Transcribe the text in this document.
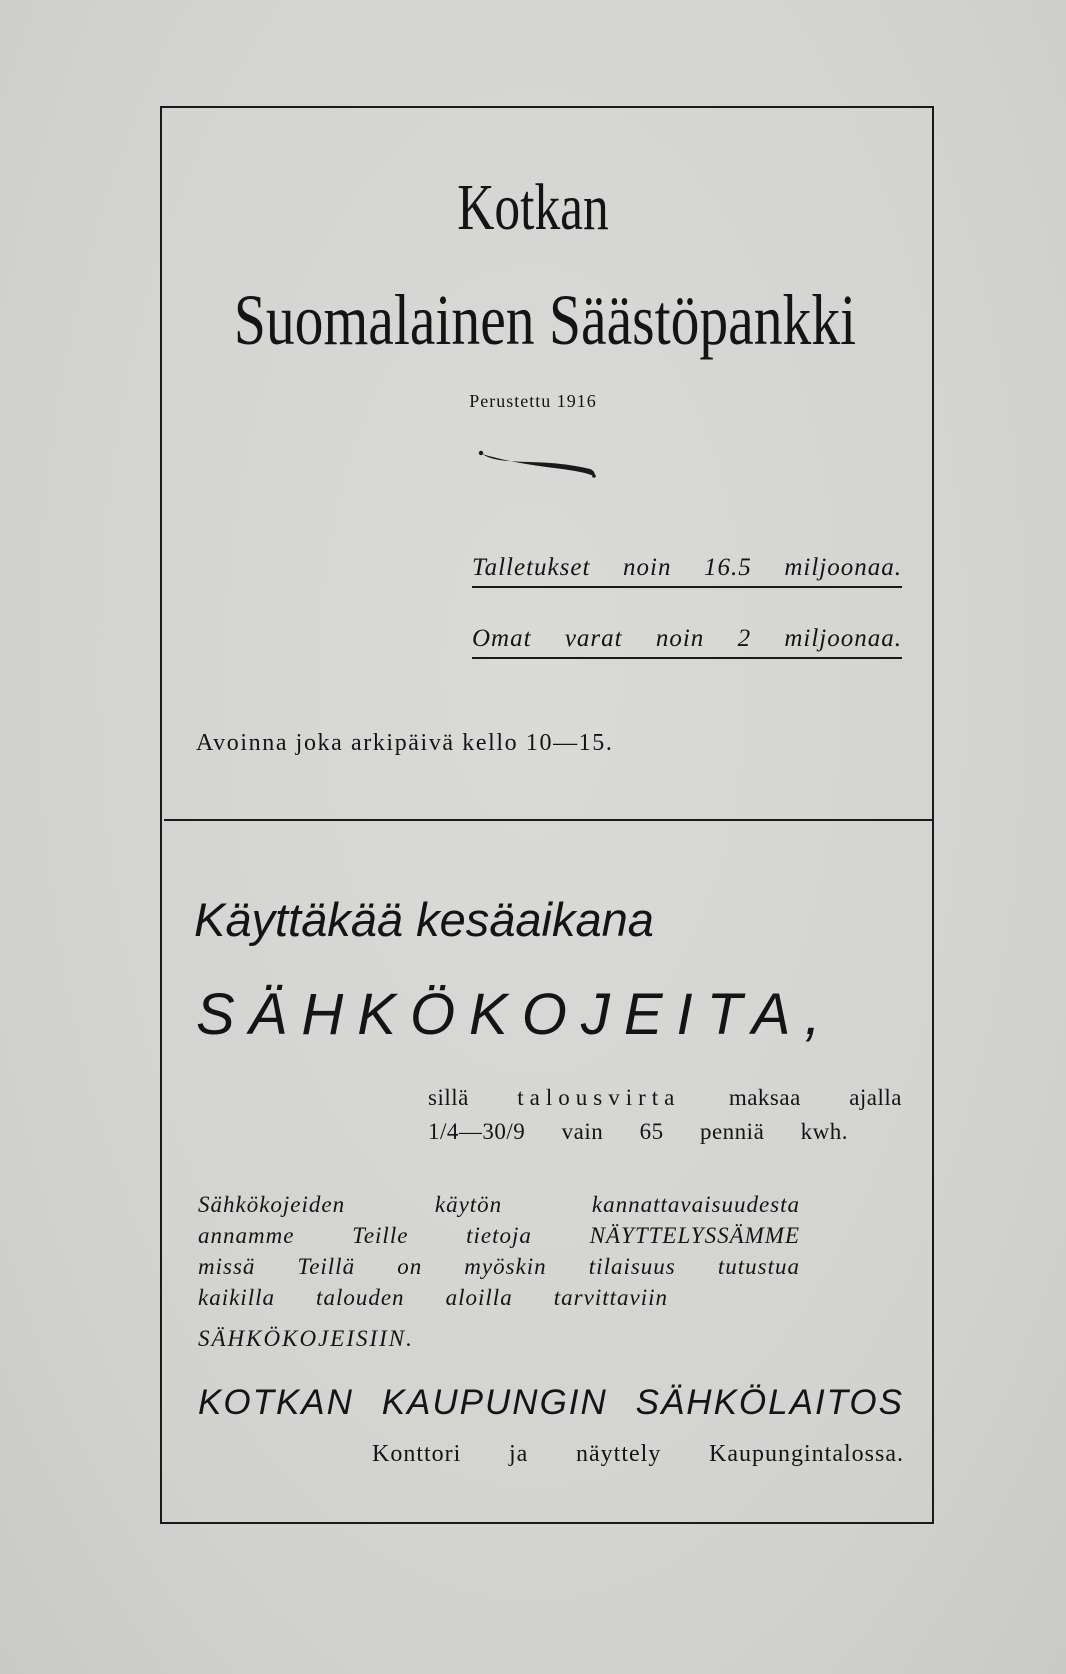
Kotkan
Suomalainen Säästöpankki
Perustettu 1916
Talletukset noin 16.5 miljoonaa.
Omat varat noin 2 miljoonaa.
Avoinna joka arkipäivä kello 10—15.
Käyttäkää kesäaikana
SÄHKÖKOJEITA,
sillä talousvirta maksaa ajalla
1/4—30/9 vain 65 penniä kwh.
Sähkökojeiden käytön kannattavaisuudesta
annamme Teille tietoja NÄYTTELYSSÄMME
missä Teillä on myöskin tilaisuus tutustua
kaikilla talouden aloilla tarvittaviin
SÄHKÖKOJEISIIN.
KOTKAN KAUPUNGIN SÄHKÖLAITOS
Konttori ja näyttely Kaupungintalossa.
